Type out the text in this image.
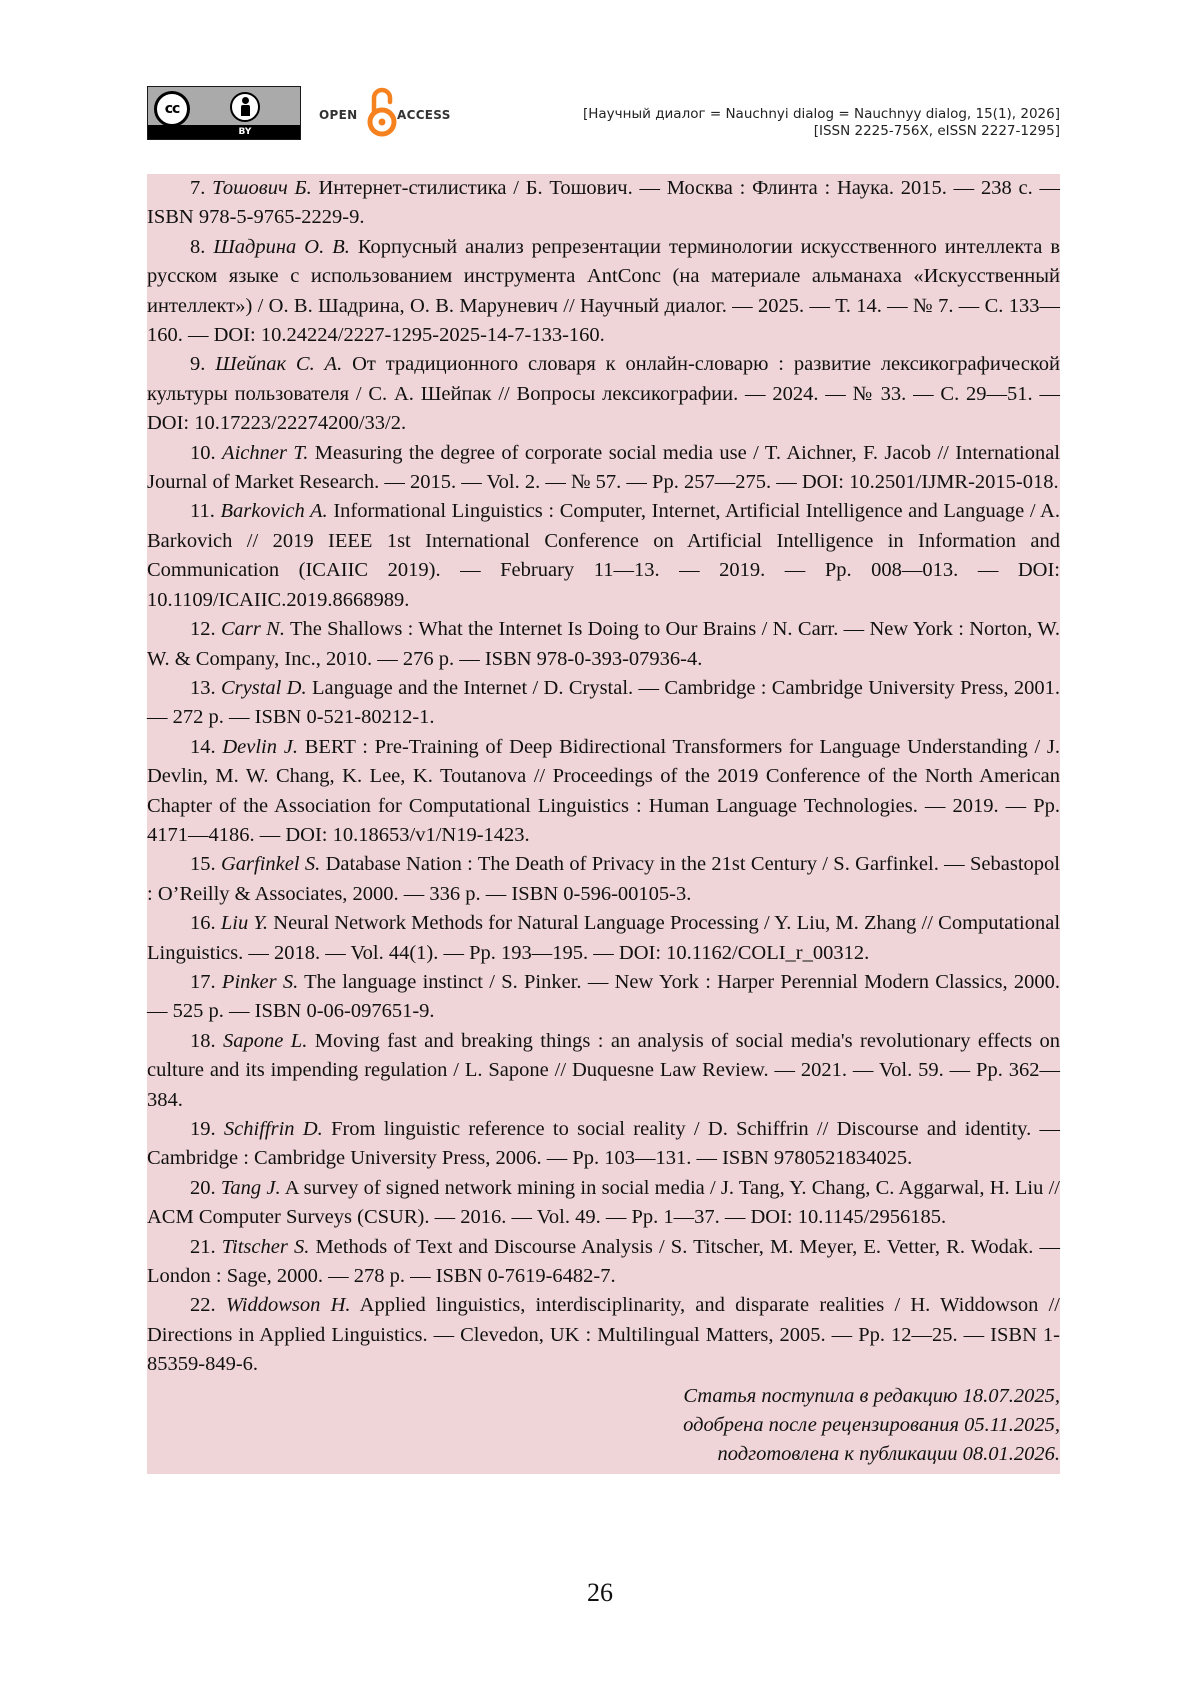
cc
BY
OPEN	ACCESS	[Научный диалог = Nauchnyi dialog = Nauchnyy dialog, 15(1), 2026]
[ISSN 2225-756X, eISSN 2227-1295]

7. Тошович Б. Интернет-стилистика / Б. Тошович. — Москва : Флинта : Наука. 2015. — 238 с. — ISBN 978-5-9765-2229-9.

8. Шадрина О. В. Корпусный анализ репрезентации терминологии искусственного интеллекта в русском языке с использованием инструмента AntConc (на материале альманаха «Искусственный интеллект») / О. В. Шадрина, О. В. Маруневич // Научный диалог. — 2025. — Т. 14. — № 7. — С. 133—160. — DOI: 10.24224/2227-1295-2025-14-7-133-160.

9. Шейпак С. А. От традиционного словаря к онлайн-словарю : развитие лексикографической культуры пользователя / С. А. Шейпак // Вопросы лексикографии. — 2024. — № 33. — С. 29—51. — DOI: 10.17223/22274200/33/2.

10. Aichner T. Measuring the degree of corporate social media use / T. Aichner, F. Jacob // International Journal of Market Research. — 2015. — Vol. 2. — № 57. — Pp. 257—275. — DOI: 10.2501/IJMR-2015-018.

11. Barkovich A. Informational Linguistics : Computer, Internet, Artificial Intelligence and Language / A. Barkovich // 2019 IEEE 1st International Conference on Artificial Intelligence in Information and Communication (ICAIIC 2019). — February 11—13. — 2019. — Pp. 008—013. — DOI: 10.1109/ICAIIC.2019.8668989.

12. Carr N. The Shallows : What the Internet Is Doing to Our Brains / N. Carr. — New York : Norton, W. W. & Company, Inc., 2010. — 276 p. — ISBN 978-0-393-07936-4.

13. Crystal D. Language and the Internet / D. Crystal. — Cambridge : Cambridge University Press, 2001. — 272 p. — ISBN 0-521-80212-1.

14. Devlin J. BERT : Pre-Training of Deep Bidirectional Transformers for Language Understanding / J. Devlin, M. W. Chang, K. Lee, K. Toutanova // Proceedings of the 2019 Conference of the North American Chapter of the Association for Computational Linguistics : Human Language Technologies. — 2019. — Pp. 4171—4186. — DOI: 10.18653/v1/N19-1423.

15. Garfinkel S. Database Nation : The Death of Privacy in the 21st Century / S. Garfinkel. — Sebastopol : O’Reilly & Associates, 2000. — 336 p. — ISBN 0-596-00105-3.

16. Liu Y. Neural Network Methods for Natural Language Processing / Y. Liu, M. Zhang // Computational Linguistics. — 2018. — Vol. 44(1). — Pp. 193—195. — DOI: 10.1162/COLI_r_00312.

17. Pinker S. The language instinct / S. Pinker. — New York : Harper Perennial Modern Classics, 2000. — 525 p. — ISBN 0-06-097651-9.

18. Sapone L. Moving fast and breaking things : an analysis of social media's revolutionary effects on culture and its impending regulation / L. Sapone // Duquesne Law Review. — 2021. — Vol. 59. — Pp. 362—384.

19. Schiffrin D. From linguistic reference to social reality / D. Schiffrin // Discourse and identity. — Cambridge : Cambridge University Press, 2006. — Pp. 103—131. — ISBN 9780521834025.

20. Tang J. A survey of signed network mining in social media / J. Tang, Y. Chang, C. Aggarwal, H. Liu // ACM Computer Surveys (CSUR). — 2016. — Vol. 49. — Pp. 1—37. — DOI: 10.1145/2956185.

21. Titscher S. Methods of Text and Discourse Analysis / S. Titscher, M. Meyer, E. Vetter, R. Wodak. — London : Sage, 2000. — 278 p. — ISBN 0-7619-6482-7.

22. Widdowson H. Applied linguistics, interdisciplinarity, and disparate realities / H. Widdowson // Directions in Applied Linguistics. — Clevedon, UK : Multilingual Matters, 2005. — Pp. 12—25. — ISBN 1-85359-849-6.

Статья поступила в редакцию 18.07.2025,
одобрена после рецензирования 05.11.2025,
подготовлена к публикации 08.01.2026.
26
